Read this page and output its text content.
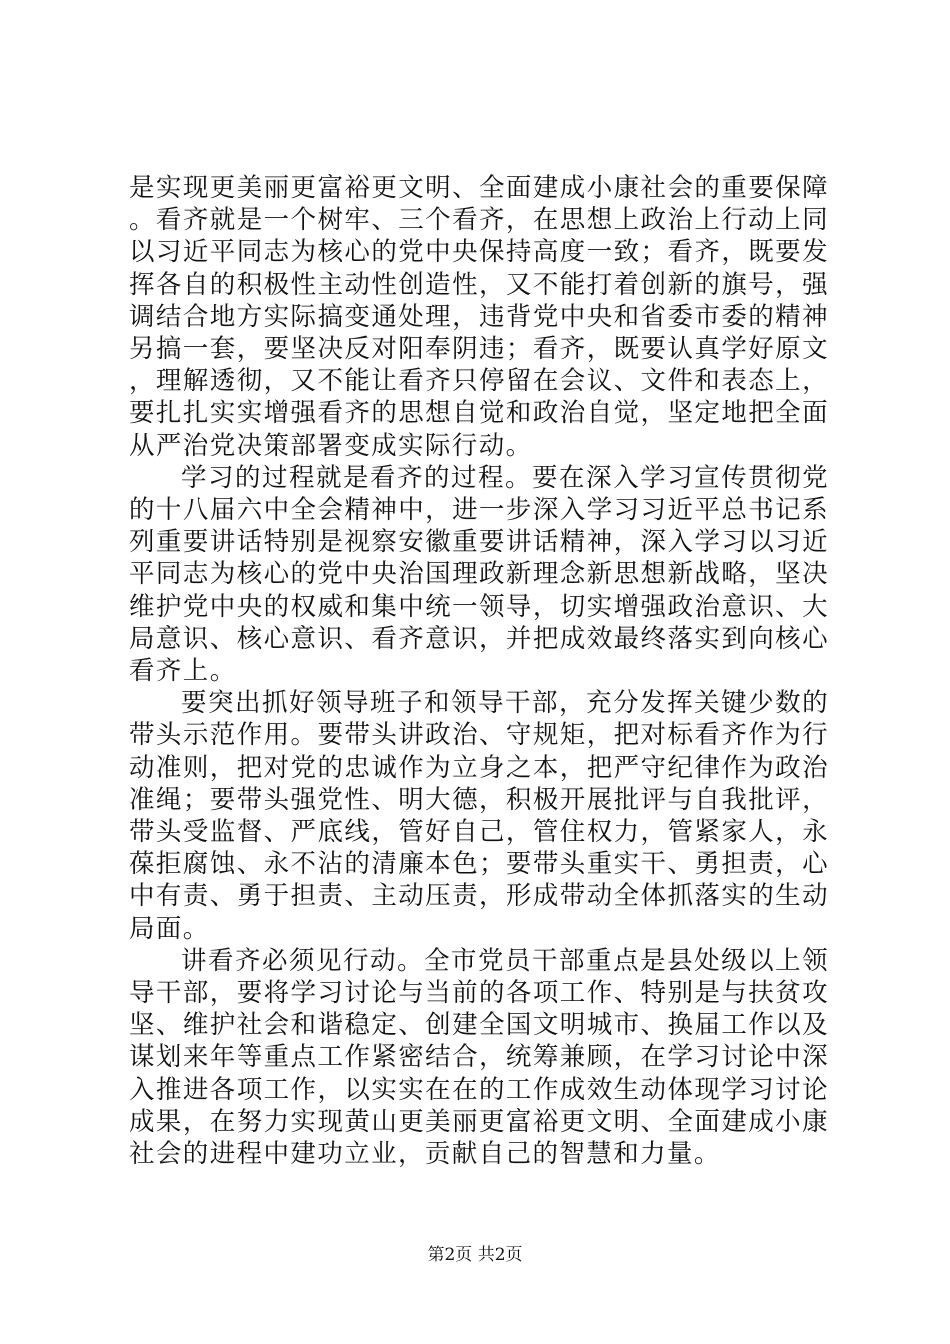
是实现更美丽更富裕更文明、全面建成小康社会的重要保障。看齐就是一个树牢、三个看齐，在思想上政治上行动上同以习近平同志为核心的党中央保持高度一致；看齐，既要发挥各自的积极性主动性创造性，又不能打着创新的旗号，强调结合地方实际搞变通处理，违背党中央和省委市委的精神另搞一套，要坚决反对阳奉阴违；看齐，既要认真学好原文，理解透彻，又不能让看齐只停留在会议、文件和表态上，要扎扎实实增强看齐的思想自觉和政治自觉，坚定地把全面从严治党决策部署变成实际行动。

学习的过程就是看齐的过程。要在深入学习宣传贯彻党的十八届六中全会精神中，进一步深入学习习近平总书记系列重要讲话特别是视察安徽重要讲话精神，深入学习以习近平同志为核心的党中央治国理政新理念新思想新战略，坚决维护党中央的权威和集中统一领导，切实增强政治意识、大局意识、核心意识、看齐意识，并把成效最终落实到向核心看齐上。

要突出抓好领导班子和领导干部，充分发挥关键少数的带头示范作用。要带头讲政治、守规矩，把对标看齐作为行动准则，把对党的忠诚作为立身之本，把严守纪律作为政治准绳；要带头强党性、明大德，积极开展批评与自我批评，带头受监督、严底线，管好自己，管住权力，管紧家人，永葆拒腐蚀、永不沾的清廉本色；要带头重实干、勇担责，心中有责、勇于担责、主动压责，形成带动全体抓落实的生动局面。

讲看齐必须见行动。全市党员干部重点是县处级以上领导干部，要将学习讨论与当前的各项工作、特别是与扶贫攻坚、维护社会和谐稳定、创建全国文明城市、换届工作以及谋划来年等重点工作紧密结合，统筹兼顾，在学习讨论中深入推进各项工作，以实实在在的工作成效生动体现学习讨论成果，在努力实现黄山更美丽更富裕更文明、全面建成小康社会的进程中建功立业，贡献自己的智慧和力量。

第2页 共2页
